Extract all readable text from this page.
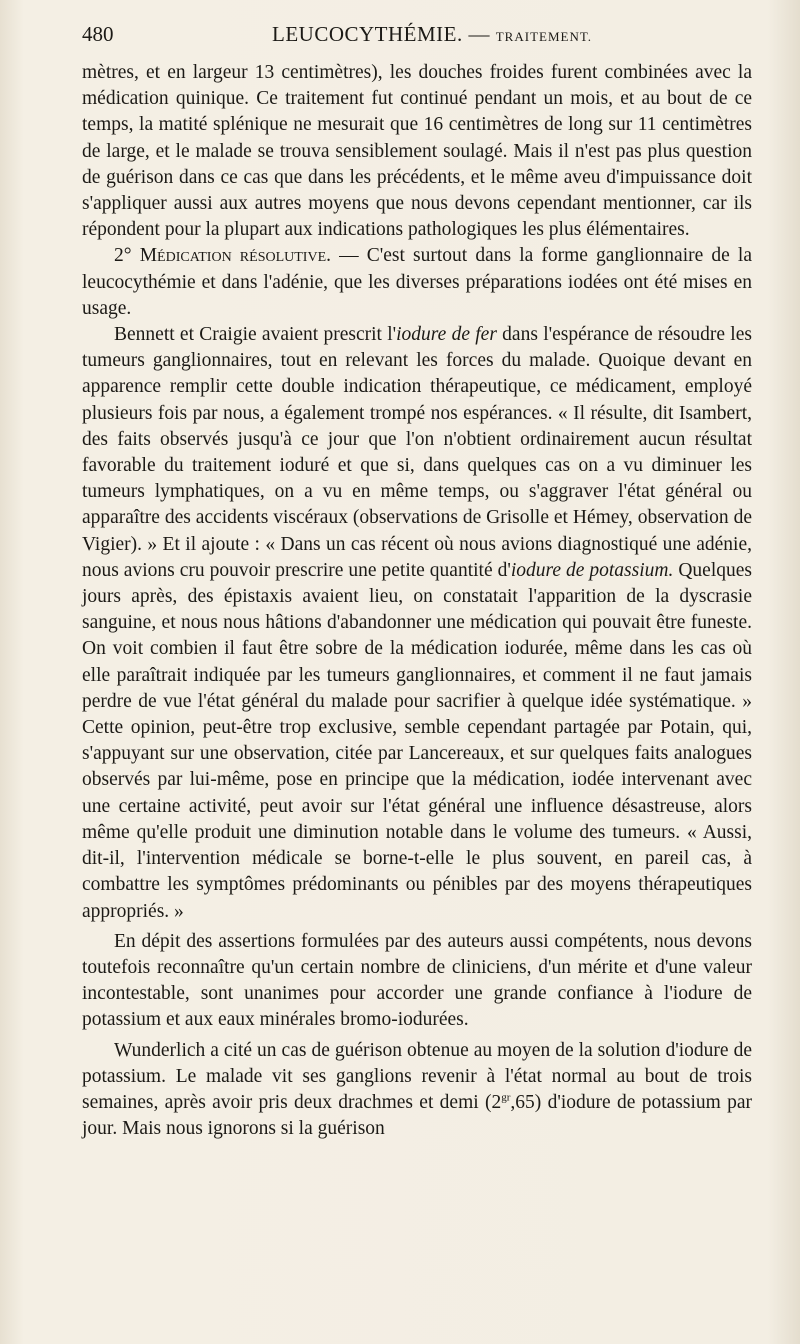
480	LEUCOCYTHÉMIE. — TRAITEMENT.

mètres, et en largeur 13 centimètres), les douches froides furent combinées avec la médication quinique. Ce traitement fut continué pendant un mois, et au bout de ce temps, la matité splénique ne mesurait que 16 centimètres de long sur 11 centimètres de large, et le malade se trouva sensiblement soulagé. Mais il n'est pas plus question de guérison dans ce cas que dans les précédents, et le même aveu d'impuissance doit s'appliquer aussi aux autres moyens que nous devons cependant mentionner, car ils répondent pour la plupart aux indications pathologiques les plus élémentaires.

2° Médication résolutive. — C'est surtout dans la forme ganglionnaire de la leucocythémie et dans l'adénie, que les diverses préparations iodées ont été mises en usage.

Bennett et Craigie avaient prescrit l'iodure de fer dans l'espérance de résoudre les tumeurs ganglionnaires, tout en relevant les forces du malade. Quoique devant en apparence remplir cette double indication thérapeutique, ce médicament, employé plusieurs fois par nous, a également trompé nos espérances. « Il résulte, dit Isambert, des faits observés jusqu'à ce jour que l'on n'obtient ordinairement aucun résultat favorable du traitement ioduré et que si, dans quelques cas on a vu diminuer les tumeurs lymphatiques, on a vu en même temps, ou s'aggraver l'état général ou apparaître des accidents viscéraux (observations de Grisolle et Hémey, observation de Vigier). » Et il ajoute : « Dans un cas récent où nous avions diagnostiqué une adénie, nous avions cru pouvoir prescrire une petite quantité d'iodure de potassium. Quelques jours après, des épistaxis avaient lieu, on constatait l'apparition de la dyscrasie sanguine, et nous nous hâtions d'abandonner une médication qui pouvait être funeste. On voit combien il faut être sobre de la médication iodurée, même dans les cas où elle paraîtrait indiquée par les tumeurs ganglionnaires, et comment il ne faut jamais perdre de vue l'état général du malade pour sacrifier à quelque idée systématique. » Cette opinion, peut-être trop exclusive, semble cependant partagée par Potain, qui, s'appuyant sur une observation, citée par Lancereaux, et sur quelques faits analogues observés par lui-même, pose en principe que la médication, iodée intervenant avec une certaine activité, peut avoir sur l'état général une influence désastreuse, alors même qu'elle produit une diminution notable dans le volume des tumeurs. « Aussi, dit-il, l'intervention médicale se borne-t-elle le plus souvent, en pareil cas, à combattre les symptômes prédominants ou pénibles par des moyens thérapeutiques appropriés. »

En dépit des assertions formulées par des auteurs aussi compétents, nous devons toutefois reconnaître qu'un certain nombre de cliniciens, d'un mérite et d'une valeur incontestable, sont unanimes pour accorder une grande confiance à l'iodure de potassium et aux eaux minérales bromo-iodurées.

Wunderlich a cité un cas de guérison obtenue au moyen de la solution d'iodure de potassium. Le malade vit ses ganglions revenir à l'état normal au bout de trois semaines, après avoir pris deux drachmes et demi $(2^{gr},65)$ d'iodure de potassium par jour. Mais nous ignorons si la guérison
